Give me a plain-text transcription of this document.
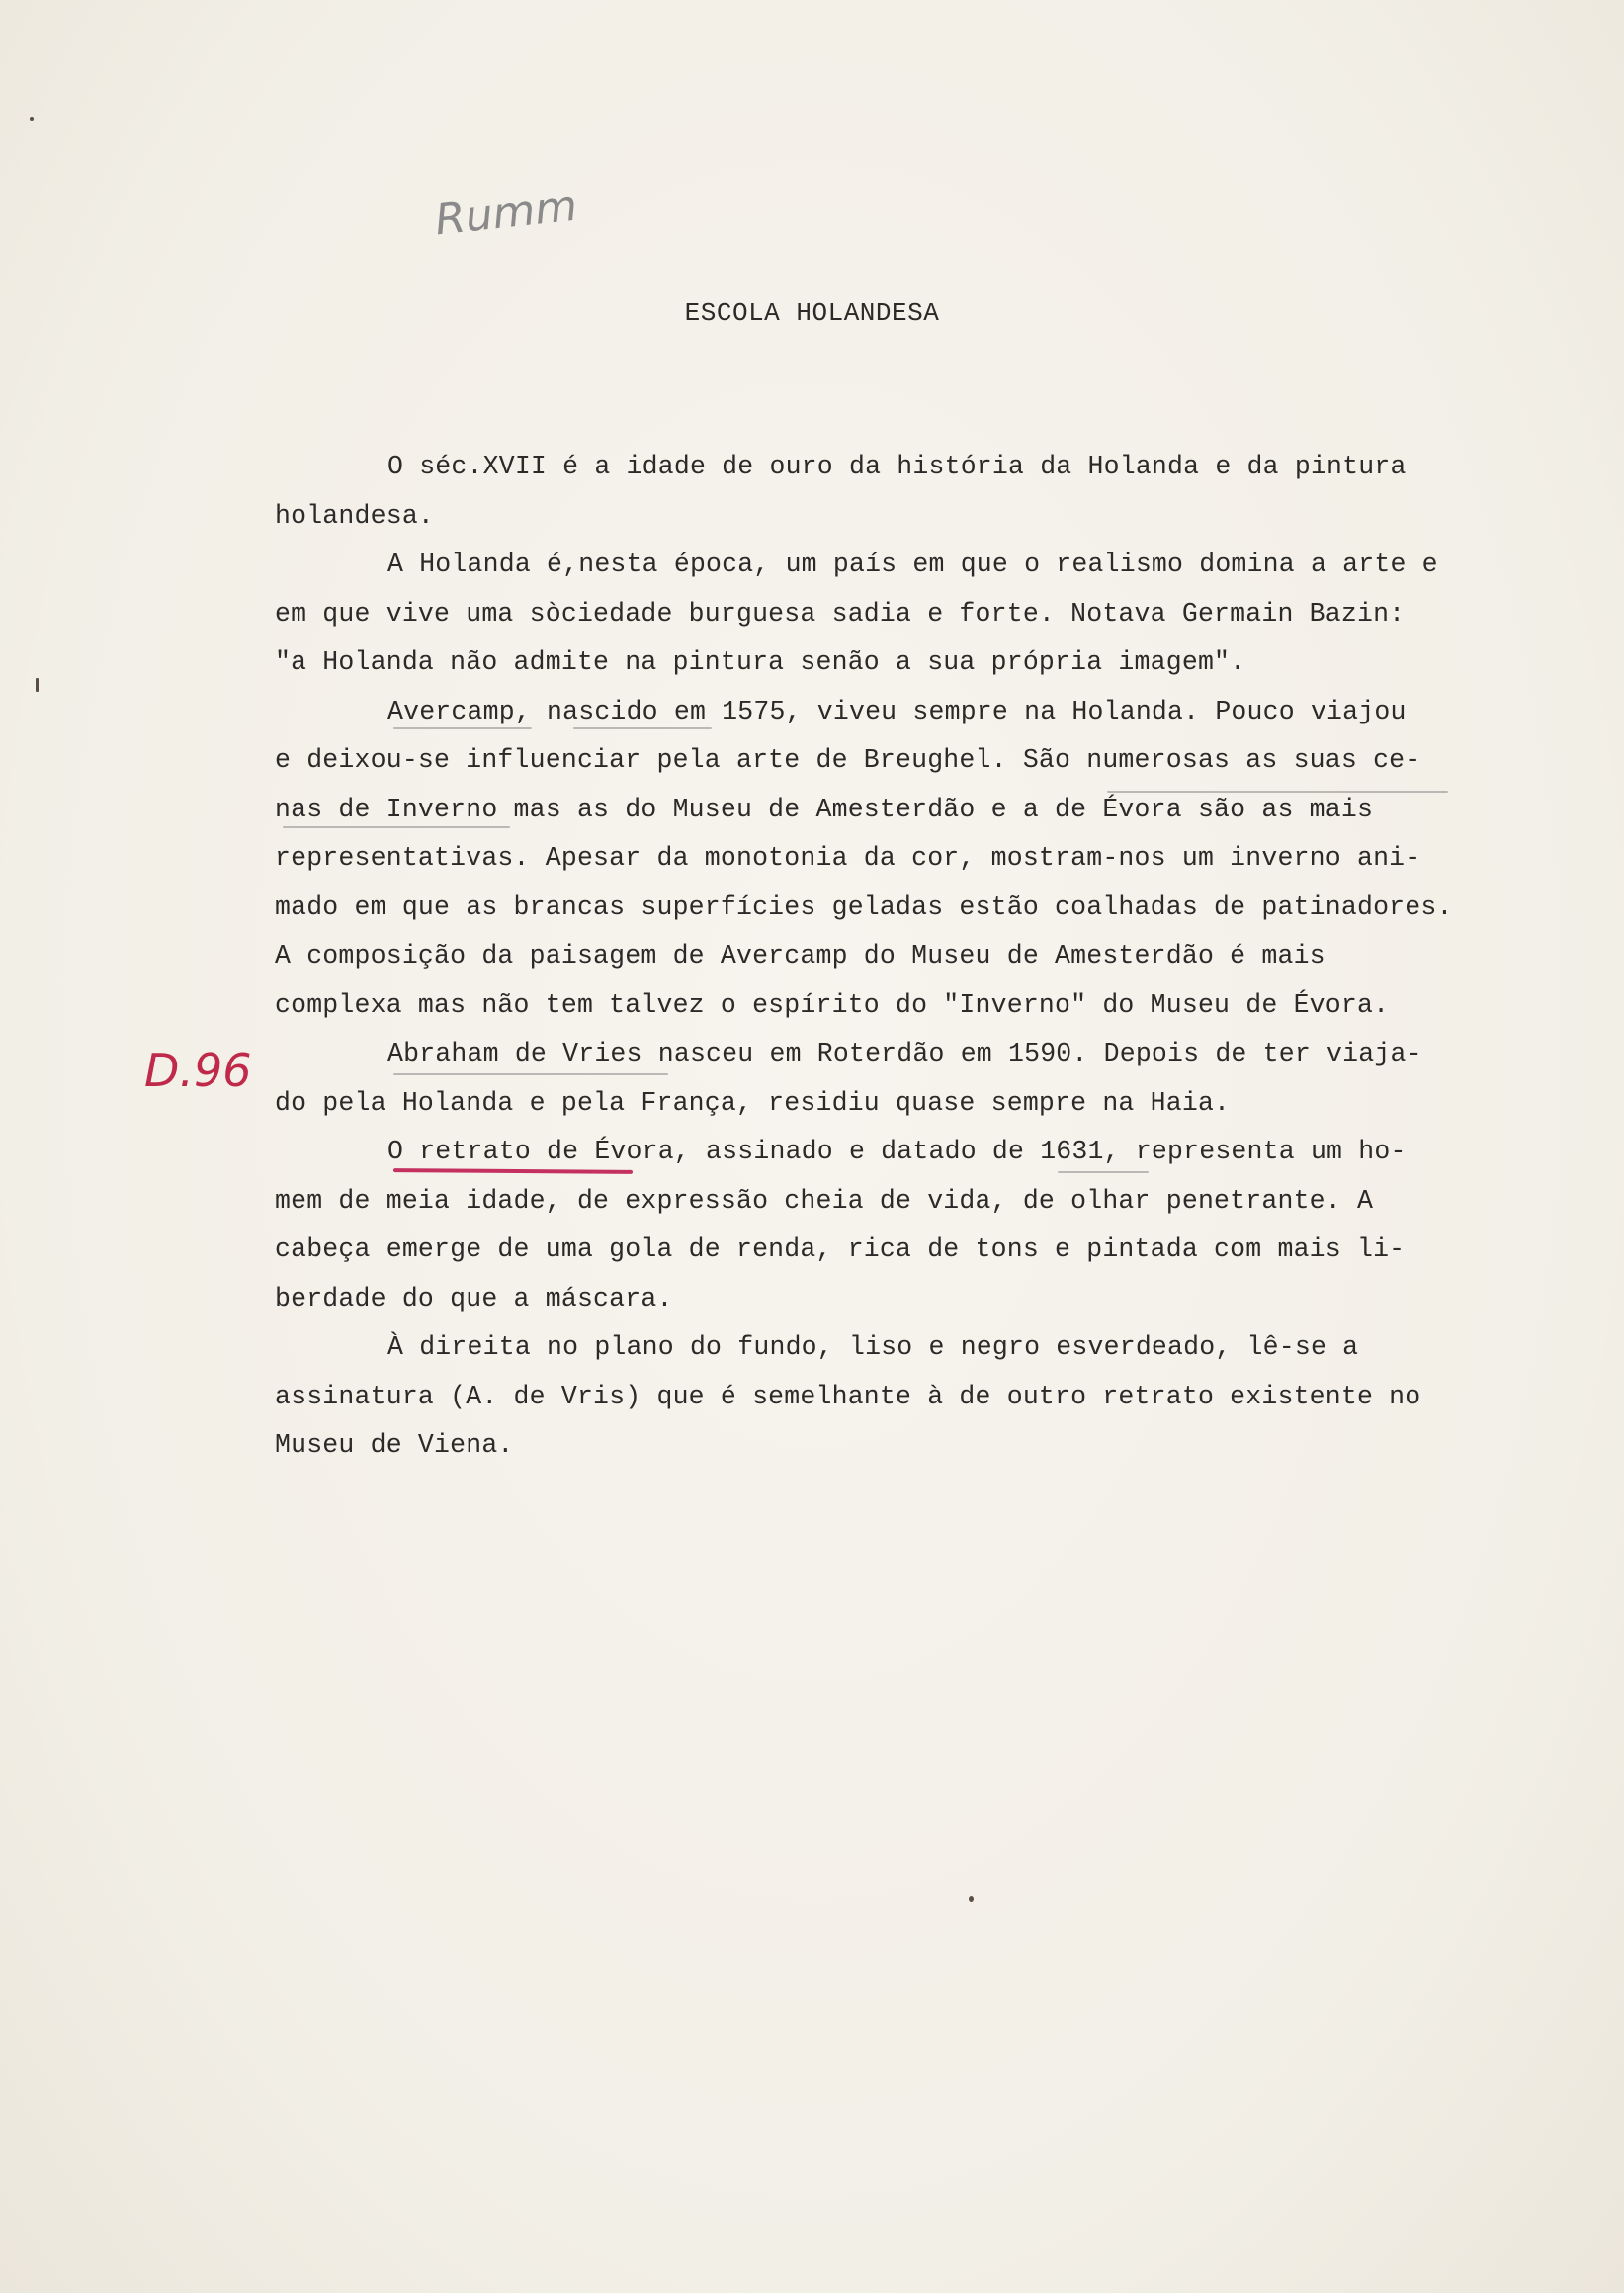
Rumm
ESCOLA HOLANDESA
D.96
O séc.XVII é a idade de ouro da história da Holanda e da pintura
holandesa.
A Holanda é,nesta época, um país em que o realismo domina a arte e
em que vive uma sòciedade burguesa sadia e forte. Notava Germain Bazin:
"a Holanda não admite na pintura senão a sua própria imagem".
Avercamp, nascido em 1575, viveu sempre na Holanda. Pouco viajou
e deixou-se influenciar pela arte de Breughel. São numerosas as suas ce-
nas de Inverno mas as do Museu de Amesterdão e a de Évora são as mais
representativas. Apesar da monotonia da cor, mostram-nos um inverno ani-
mado em que as brancas superfícies geladas estão coalhadas de patinadores.
A composição da paisagem de Avercamp do Museu de Amesterdão é mais
complexa mas não tem talvez o espírito do "Inverno" do Museu de Évora.
Abraham de Vries nasceu em Roterdão em 1590. Depois de ter viaja-
do pela Holanda e pela França, residiu quase sempre na Haia.
O retrato de Évora, assinado e datado de 1631, representa um ho-
mem de meia idade, de expressão cheia de vida, de olhar penetrante. A
cabeça emerge de uma gola de renda, rica de tons e pintada com mais li-
berdade do que a máscara.
À direita no plano do fundo, liso e negro esverdeado, lê-se a
assinatura (A. de Vris) que é semelhante à de outro retrato existente no
Museu de Viena.
